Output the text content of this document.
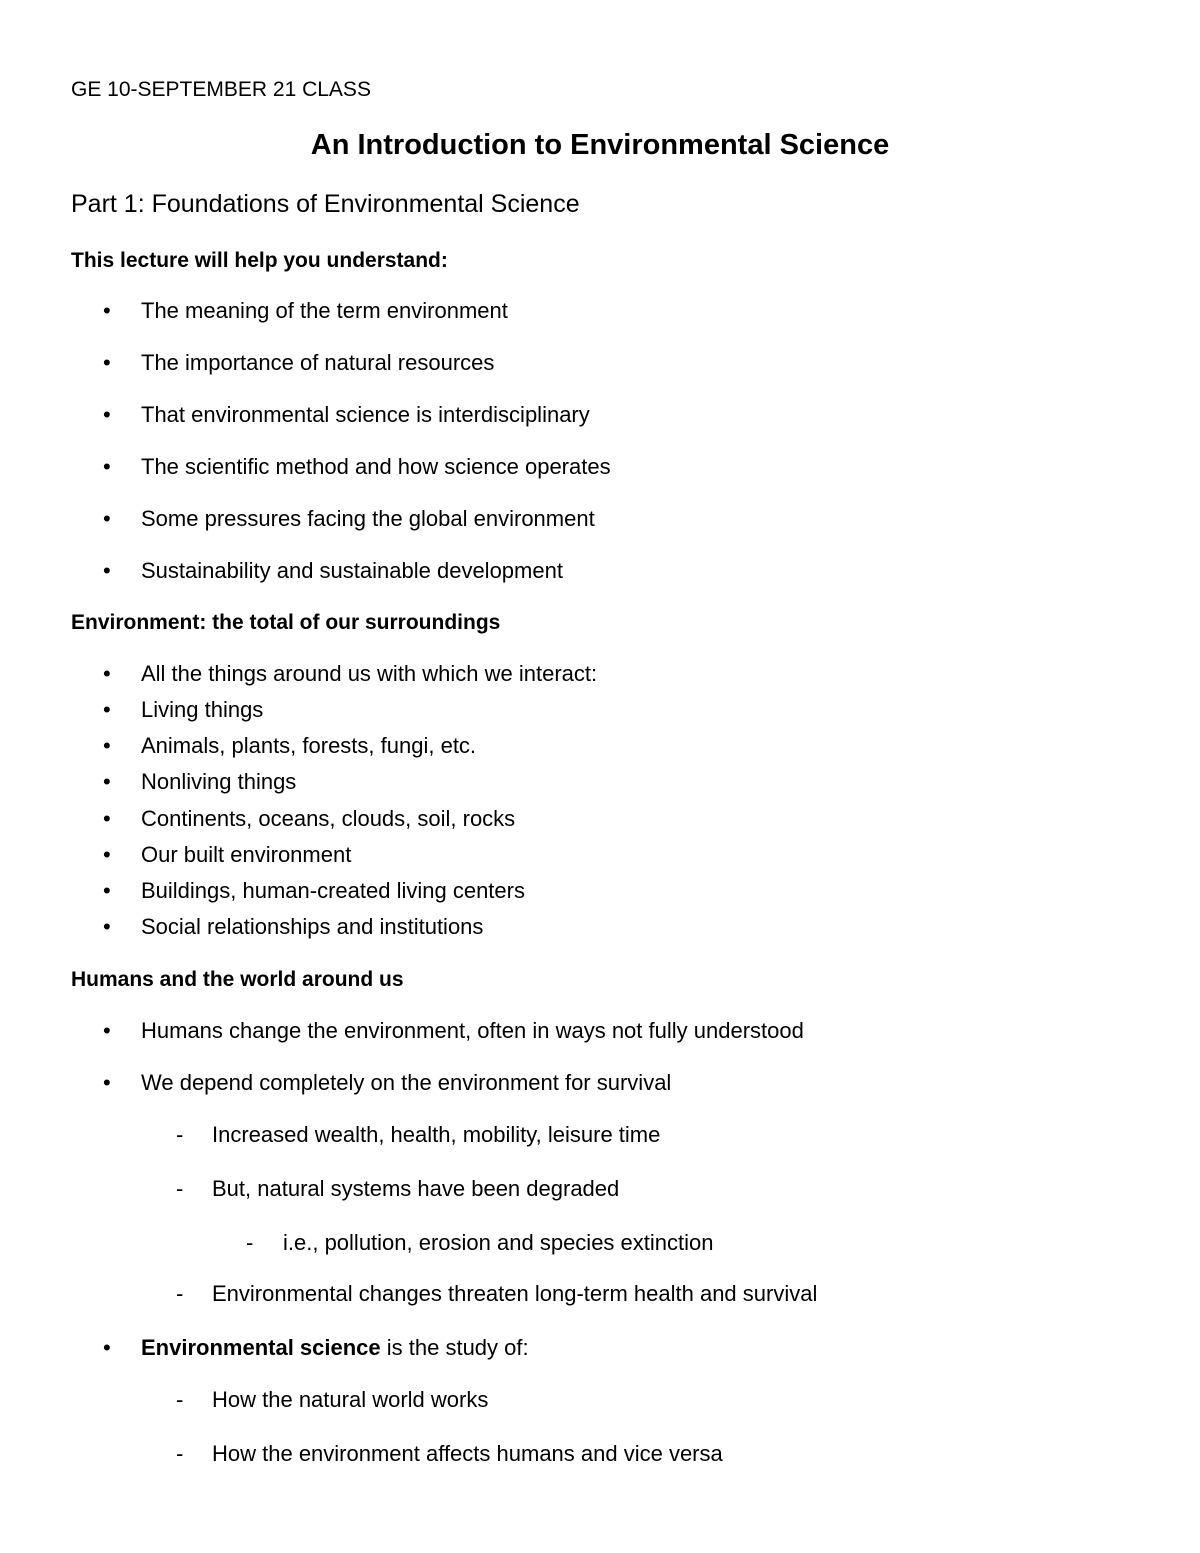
GE 10-SEPTEMBER 21 CLASS
An Introduction to Environmental Science
Part 1: Foundations of Environmental Science
This lecture will help you understand:
• The meaning of the term environment
• The importance of natural resources
• That environmental science is interdisciplinary
• The scientific method and how science operates
• Some pressures facing the global environment
• Sustainability and sustainable development
Environment: the total of our surroundings
• All the things around us with which we interact:
• Living things
• Animals, plants, forests, fungi, etc.
• Nonliving things
• Continents, oceans, clouds, soil, rocks
• Our built environment
• Buildings, human-created living centers
• Social relationships and institutions
Humans and the world around us
• Humans change the environment, often in ways not fully understood
• We depend completely on the environment for survival
- Increased wealth, health, mobility, leisure time
- But, natural systems have been degraded
- i.e., pollution, erosion and species extinction
- Environmental changes threaten long-term health and survival
• Environmental science is the study of:
- How the natural world works
- How the environment affects humans and vice versa
